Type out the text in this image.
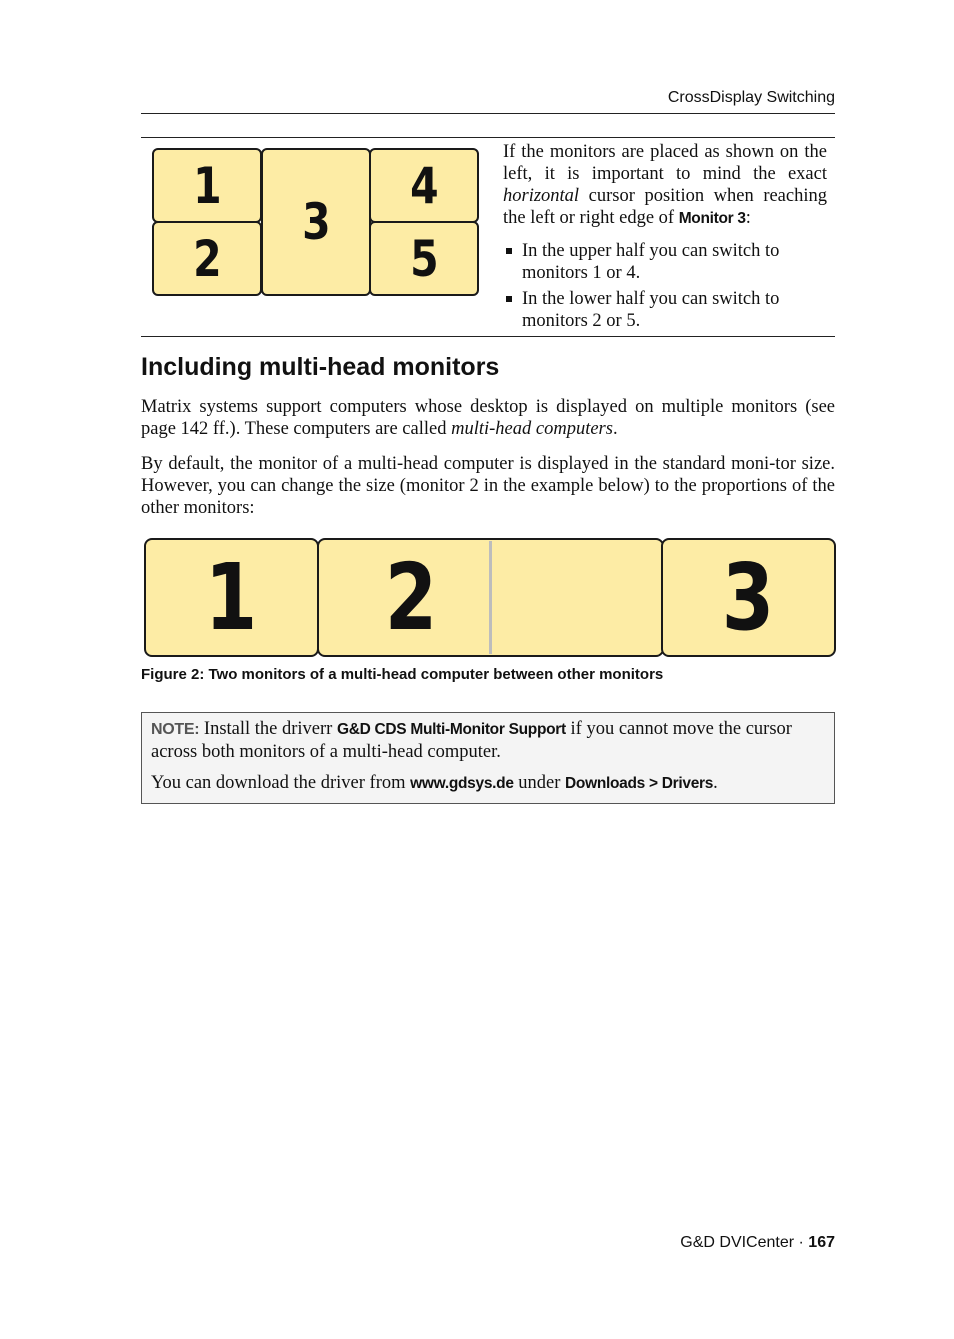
CrossDisplay Switching
1
2
3
4
5

If the monitors are placed as shown on the left, it is important to mind the exact horizontal cursor position when reaching the left or right edge of Monitor 3:

In the upper half you can switch to monitors 1 or 4.
In the lower half you can switch to monitors 2 or 5.
Including multi-head monitors

Matrix systems support computers whose desktop is displayed on multiple monitors (see page 142 ff.). These computers are called multi-head computers.

By default, the monitor of a multi-head computer is displayed in the standard moni-tor size. However, you can change the size (monitor 2 in the example below) to the proportions of the other monitors:

1 2	3
Figure 2: Two monitors of a multi-head computer between other monitors

NOTE: Install the driverr G&D CDS Multi-Monitor Support if you cannot move the cursor across both monitors of a multi-head computer.

You can download the driver from www.gdsys.de under Downloads > Drivers.

G&D DVICenter · 167
